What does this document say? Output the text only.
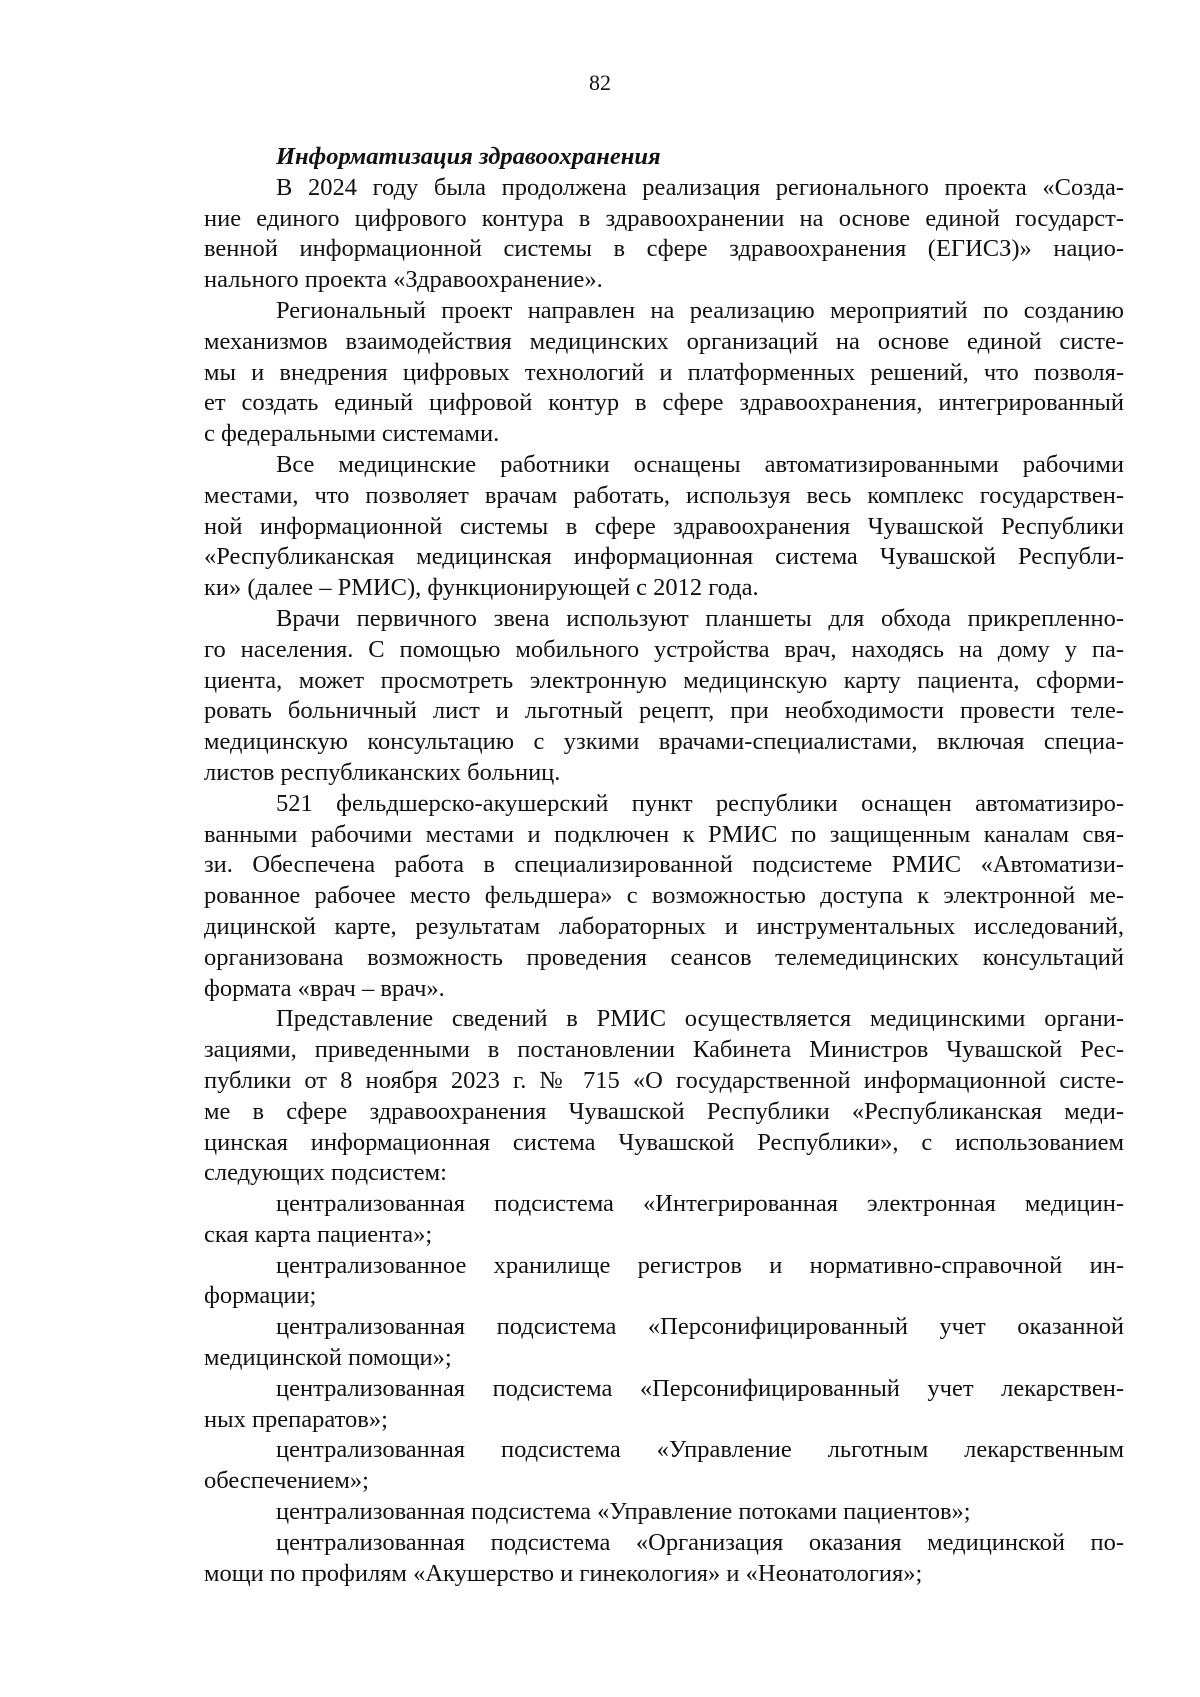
82
Информатизация здравоохранения
В 2024 году была продолжена реализация регионального проекта «Созда-
ние единого цифрового контура в здравоохранении на основе единой государст-
венной информационной системы в сфере здравоохранения (ЕГИСЗ)» нацио-
нального проекта «Здравоохранение».
Региональный проект направлен на реализацию мероприятий по созданию
механизмов взаимодействия медицинских организаций на основе единой систе-
мы и внедрения цифровых технологий и платформенных решений, что позволя-
ет создать единый цифровой контур в сфере здравоохранения, интегрированный
с федеральными системами.
Все медицинские работники оснащены автоматизированными рабочими
местами, что позволяет врачам работать, используя весь комплекс государствен-
ной информационной системы в сфере здравоохранения Чувашской Республики
«Республиканская медицинская информационная система Чувашской Республи-
ки» (далее – РМИС), функционирующей с 2012 года.
Врачи первичного звена используют планшеты для обхода прикрепленно-
го населения. С помощью мобильного устройства врач, находясь на дому у па-
циента, может просмотреть электронную медицинскую карту пациента, сформи-
ровать больничный лист и льготный рецепт, при необходимости провести теле-
медицинскую консультацию с узкими врачами-специалистами, включая специа-
листов республиканских больниц.
521 фельдшерско-акушерский пункт республики оснащен автоматизиро-
ванными рабочими местами и подключен к РМИС по защищенным каналам свя-
зи. Обеспечена работа в специализированной подсистеме РМИС «Автоматизи-
рованное рабочее место фельдшера» с возможностью доступа к электронной ме-
дицинской карте, результатам лабораторных и инструментальных исследований,
организована возможность проведения сеансов телемедицинских консультаций
формата «врач – врач».
Представление сведений в РМИС осуществляется медицинскими органи-
зациями, приведенными в постановлении Кабинета Министров Чувашской Рес-
публики от 8 ноября 2023 г. № 715 «О государственной информационной систе-
ме в сфере здравоохранения Чувашской Республики «Республиканская меди-
цинская информационная система Чувашской Республики», с использованием
следующих подсистем:
централизованная подсистема «Интегрированная электронная медицин-
ская карта пациента»;
централизованное хранилище регистров и нормативно-справочной ин-
формации;
централизованная подсистема «Персонифицированный учет оказанной
медицинской помощи»;
централизованная подсистема «Персонифицированный учет лекарствен-
ных препаратов»;
централизованная подсистема «Управление льготным лекарственным
обеспечением»;
централизованная подсистема «Управление потоками пациентов»;
централизованная подсистема «Организация оказания медицинской по-
мощи по профилям «Акушерство и гинекология» и «Неонатология»;
